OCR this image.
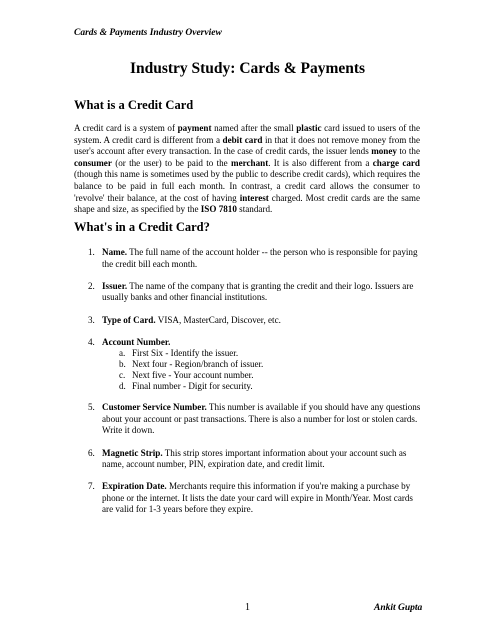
Cards & Payments Industry Overview
Industry Study: Cards & Payments
What is a Credit Card
A credit card is a system of payment named after the small plastic card issued to users of the system. A credit card is different from a debit card in that it does not remove money from the user's account after every transaction. In the case of credit cards, the issuer lends money to the consumer (or the user) to be paid to the merchant. It is also different from a charge card (though this name is sometimes used by the public to describe credit cards), which requires the balance to be paid in full each month. In contrast, a credit card allows the consumer to 'revolve' their balance, at the cost of having interest charged. Most credit cards are the same shape and size, as specified by the ISO 7810 standard.
What's in a Credit Card?
1. Name. The full name of the account holder -- the person who is responsible for paying the credit bill each month.
2. Issuer. The name of the company that is granting the credit and their logo. Issuers are usually banks and other financial institutions.
3. Type of Card. VISA, MasterCard, Discover, etc.
4. Account Number.
a. First Six - Identify the issuer.
b. Next four - Region/branch of issuer.
c. Next five - Your account number.
d. Final number - Digit for security.
5. Customer Service Number. This number is available if you should have any questions about your account or past transactions. There is also a number for lost or stolen cards. Write it down.
6. Magnetic Strip. This strip stores important information about your account such as name, account number, PIN, expiration date, and credit limit.
7. Expiration Date. Merchants require this information if you're making a purchase by phone or the internet. It lists the date your card will expire in Month/Year. Most cards are valid for 1-3 years before they expire.
1	Ankit Gupta
